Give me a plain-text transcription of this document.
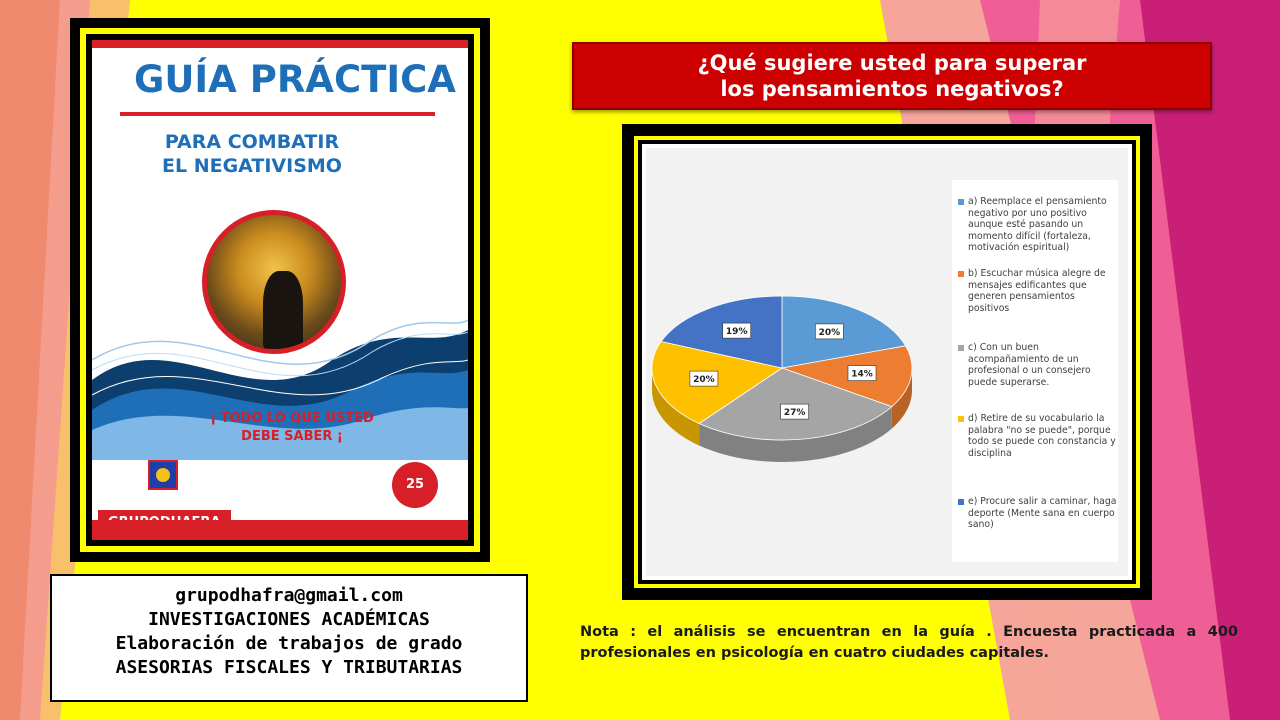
GUÍA PRÁCTICA
PARA COMBATIR
EL NEGATIVISMO
¡ TODO LO QUE USTED
DEBE SABER ¡
25
grupodhafra@gmail.com
INVESTIGACIONES ACADÉMICAS
Elaboración de trabajos de grado
ASESORIAS FISCALES Y TRIBUTARIAS
¿Qué sugiere usted para superar
los pensamientos negativos?
20%
14%
27%
20%
19%
a) Reemplace el pensamiento negativo por uno positivo aunque esté pasando un momento difícil (fortaleza, motivación espiritual)
b) Escuchar música alegre de mensajes edificantes que generen pensamientos positivos
c) Con un buen acompañamiento de un profesional o un consejero puede superarse.
d) Retire de su vocabulario la palabra "no se puede", porque todo se puede con constancia y disciplina
e) Procure salir a caminar, haga deporte (Mente sana en cuerpo sano)
Nota : el análisis se encuentran en la guía . Encuesta practicada a 400 profesionales en psicología en cuatro ciudades capitales.
